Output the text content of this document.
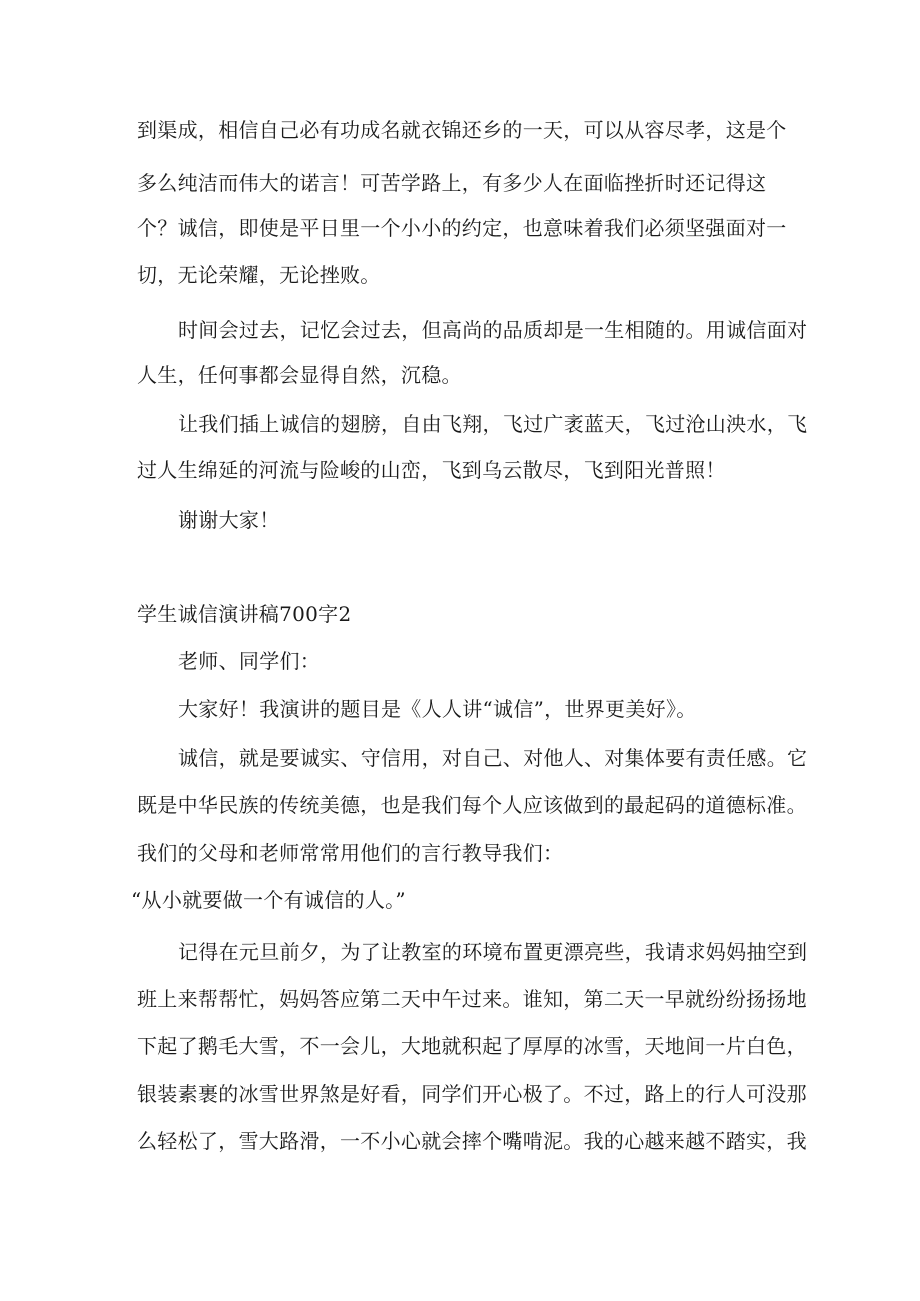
到渠成，相信自己必有功成名就衣锦还乡的一天，可以从容尽孝，这是个
多么纯洁而伟大的诺言！可苦学路上，有多少人在面临挫折时还记得这
个？诚信，即使是平日里一个小小的约定，也意味着我们必须坚强面对一
切，无论荣耀，无论挫败。
时间会过去，记忆会过去，但高尚的品质却是一生相随的。用诚信面对
人生，任何事都会显得自然，沉稳。
让我们插上诚信的翅膀，自由飞翔，飞过广袤蓝天，飞过沧山泱水，飞
过人生绵延的河流与险峻的山峦，飞到乌云散尽，飞到阳光普照！
谢谢大家！
学生诚信演讲稿700字2
老师、同学们：
大家好！我演讲的题目是《人人讲“诚信”，世界更美好》。
诚信，就是要诚实、守信用，对自己、对他人、对集体要有责任感。它
既是中华民族的传统美德，也是我们每个人应该做到的最起码的道德标准。
我们的父母和老师常常用他们的言行教导我们：
“从小就要做一个有诚信的人。”
记得在元旦前夕，为了让教室的环境布置更漂亮些，我请求妈妈抽空到
班上来帮帮忙，妈妈答应第二天中午过来。谁知，第二天一早就纷纷扬扬地
下起了鹅毛大雪，不一会儿，大地就积起了厚厚的冰雪，天地间一片白色，
银装素裹的冰雪世界煞是好看，同学们开心极了。不过，路上的行人可没那
么轻松了，雪大路滑，一不小心就会摔个嘴啃泥。我的心越来越不踏实，我
